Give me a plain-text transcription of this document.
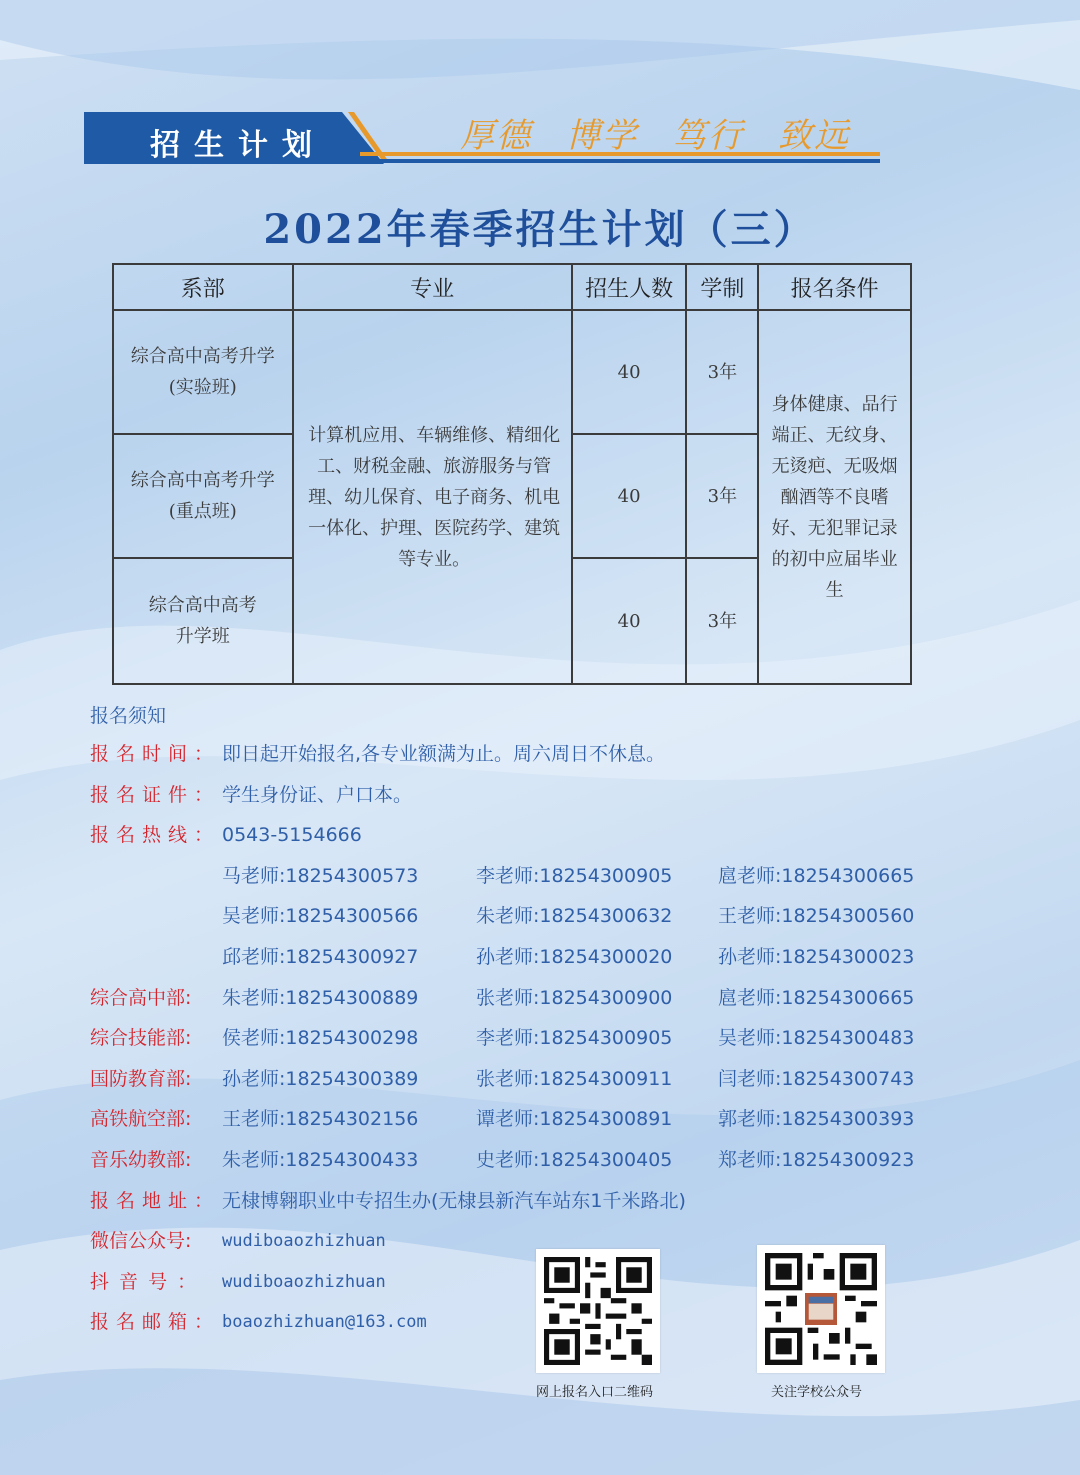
招生计划	厚德 博学 笃行 致远
2022年春季招生计划（三）
系部	专业	招生人数	学制	报名条件
综合高中高考升学
(实验班)	计算机应用、车辆维修、精细化工、财税金融、旅游服务与管理、幼儿保育、电子商务、机电一体化、护理、医院药学、建筑等专业。	40	3年	身体健康、品行端正、无纹身、无烫疤、无吸烟酗酒等不良嗜好、无犯罪记录的初中应届毕业生
综合高中高考升学
(重点班)		40	3年	
综合高中高考
升学班		40	3年	
报名须知
报名时间： 即日起开始报名,各专业额满为止。周六周日不休息。
报名证件： 学生身份证、户口本。
报名热线： 0543-5154666
马老师:18254300573	李老师:18254300905 扈老师:18254300665
吴老师:18254300566	朱老师:18254300632 王老师:18254300560
邱老师:18254300927	孙老师:18254300020 孙老师:18254300023
综合高中部: 朱老师:18254300889	张老师:18254300900 扈老师:18254300665
综合技能部: 侯老师:18254300298	李老师:18254300905 吴老师:18254300483
国防教育部: 孙老师:18254300389	张老师:18254300911 闫老师:18254300743
高铁航空部: 王老师:18254302156	谭老师:18254300891 郭老师:18254300393
音乐幼教部: 朱老师:18254300433	史老师:18254300405 郑老师:18254300923
报名地址： 无棣博翱职业中专招生办(无棣县新汽车站东1千米路北)
微信公众号: wudiboaozhizhuan
抖 音 号 ： wudiboaozhizhuan
报名邮箱： boaozhizhuan@163.com
网上报名入口二维码	关注学校公众号
